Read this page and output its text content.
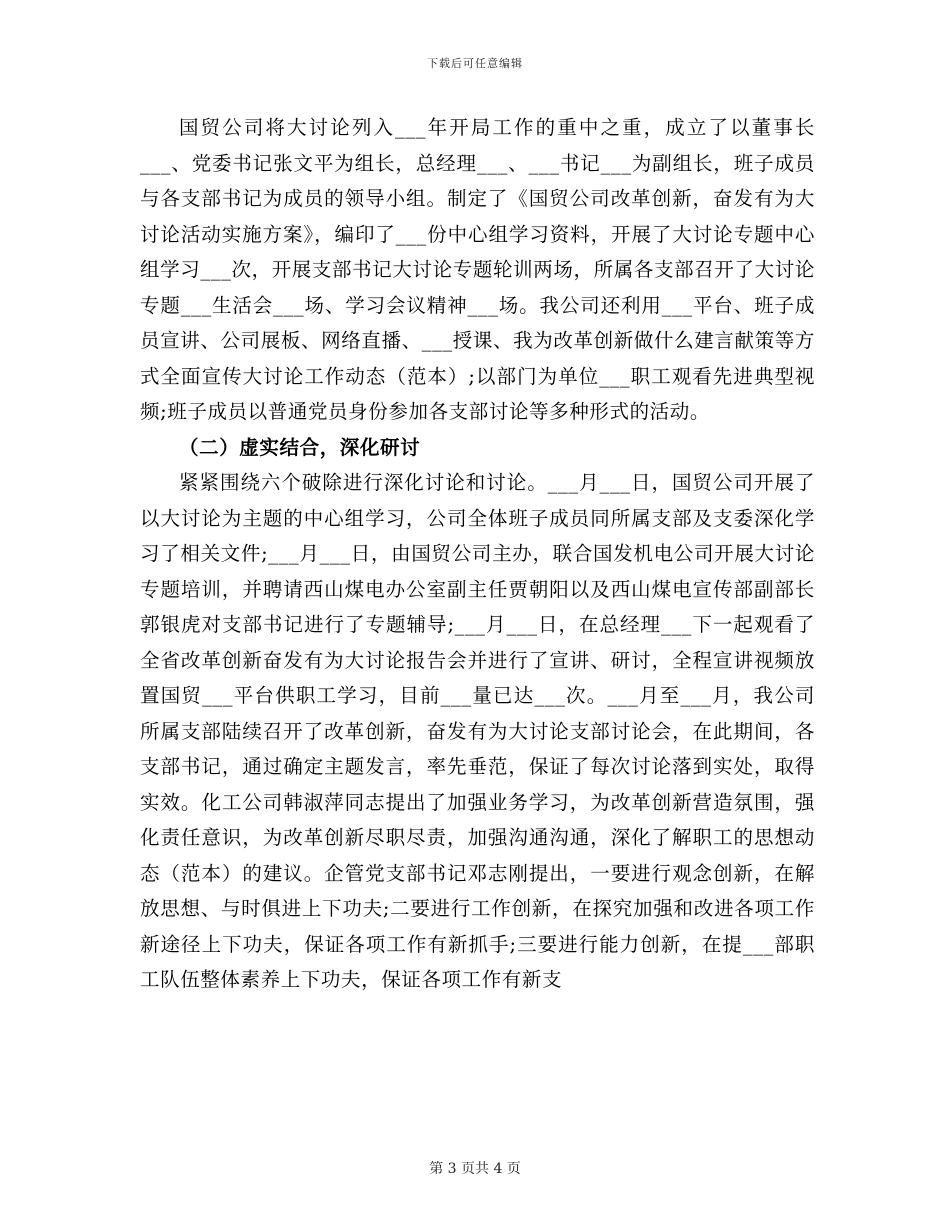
下载后可任意编辑

国贸公司将大讨论列入___年开局工作的重中之重，成立了以董事长___、党委书记张文平为组长，总经理___、___书记___为副组长，班子成员与各支部书记为成员的领导小组。制定了《国贸公司改革创新，奋发有为大讨论活动实施方案》，编印了___份中心组学习资料，开展了大讨论专题中心组学习___次，开展支部书记大讨论专题轮训两场，所属各支部召开了大讨论专题___生活会___场、学习会议精神___场。我公司还利用___平台、班子成员宣讲、公司展板、网络直播、___授课、我为改革创新做什么建言献策等方式全面宣传大讨论工作动态（范本）;以部门为单位___职工观看先进典型视频;班子成员以普通党员身份参加各支部讨论等多种形式的活动。

（二）虚实结合，深化研讨

紧紧围绕六个破除进行深化讨论和讨论。___月___日，国贸公司开展了以大讨论为主题的中心组学习，公司全体班子成员同所属支部及支委深化学习了相关文件;___月___日，由国贸公司主办，联合国发机电公司开展大讨论专题培训，并聘请西山煤电办公室副主任贾朝阳以及西山煤电宣传部副部长郭银虎对支部书记进行了专题辅导;___月___日，在总经理___下一起观看了全省改革创新奋发有为大讨论报告会并进行了宣讲、研讨，全程宣讲视频放置国贸___平台供职工学习，目前___量已达___次。___月至___月，我公司所属支部陆续召开了改革创新，奋发有为大讨论支部讨论会，在此期间，各支部书记，通过确定主题发言，率先垂范，保证了每次讨论落到实处，取得实效。化工公司韩淑萍同志提出了加强业务学习，为改革创新营造氛围，强化责任意识，为改革创新尽职尽责，加强沟通沟通，深化了解职工的思想动态（范本）的建议。企管党支部书记邓志刚提出，一要进行观念创新，在解放思想、与时俱进上下功夫;二要进行工作创新，在探究加强和改进各项工作新途径上下功夫，保证各项工作有新抓手;三要进行能力创新，在提___部职工队伍整体素养上下功夫，保证各项工作有新支

第 3 页共 4 页
